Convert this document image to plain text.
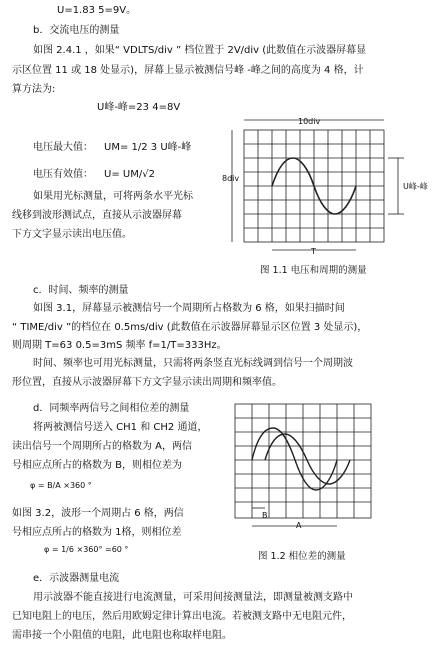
U=1.83 5=9V。
b．交流电压的测量
如图 2.4.1 ，如果“ VDLTS/div ” 档位置于 2V/div (此数值在示波器屏幕显
示区位置 11 或 18 处显示)，屏幕上显示被测信号峰 -峰之间的高度为 4 格，计
算方法为:
U峰-峰=23 4=8V
电压最大值： UM= 1/2 3 U峰-峰
电压有效值： U= UM/√2
如果用光标测量，可将两条水平光标
线移到波形测试点，直接从示波器屏幕
下方文字显示读出电压值。
10div
8div
U峰-峰
T
图 1.1 电压和周期的测量
c．时间、频率的测量
如图 3.1，屏幕显示被测信号一个周期所占格数为 6 格，如果扫描时间
“ TIME/div ”的档位在 0.5ms/div (此数值在示波器屏幕显示区位置 3 处显示)，
则周期 T=63 0.5=3mS 频率 f=1/T=333Hz。
时间、频率也可用光标测量，只需将两条竖直光标线调到信号一个周期波
形位置，直接从示波器屏幕下方文字显示读出周期和频率值。
d．同频率两信号之间相位差的测量
将两被测信号送入 CH1 和 CH2 通道，
读出信号一个周期所占的格数为 A，两信
号相应点所占的格数为 B，则相位差为
φ = B/A ×360 °
如图 3.2，波形一个周期占 6 格，两信
号相应点所占的格数为 1格，则相位差
φ = 1/6 ×360° =60 °
B
A
图 1.2 相位差的测量
e．示波器测量电流
用示波器不能直接进行电流测量，可采用间接测量法，即测量被测支路中
已知电阻上的电压，然后用欧姆定律计算出电流。若被测支路中无电阻元件，
需串接一个小阻值的电阻，此电阻也称取样电阻。
